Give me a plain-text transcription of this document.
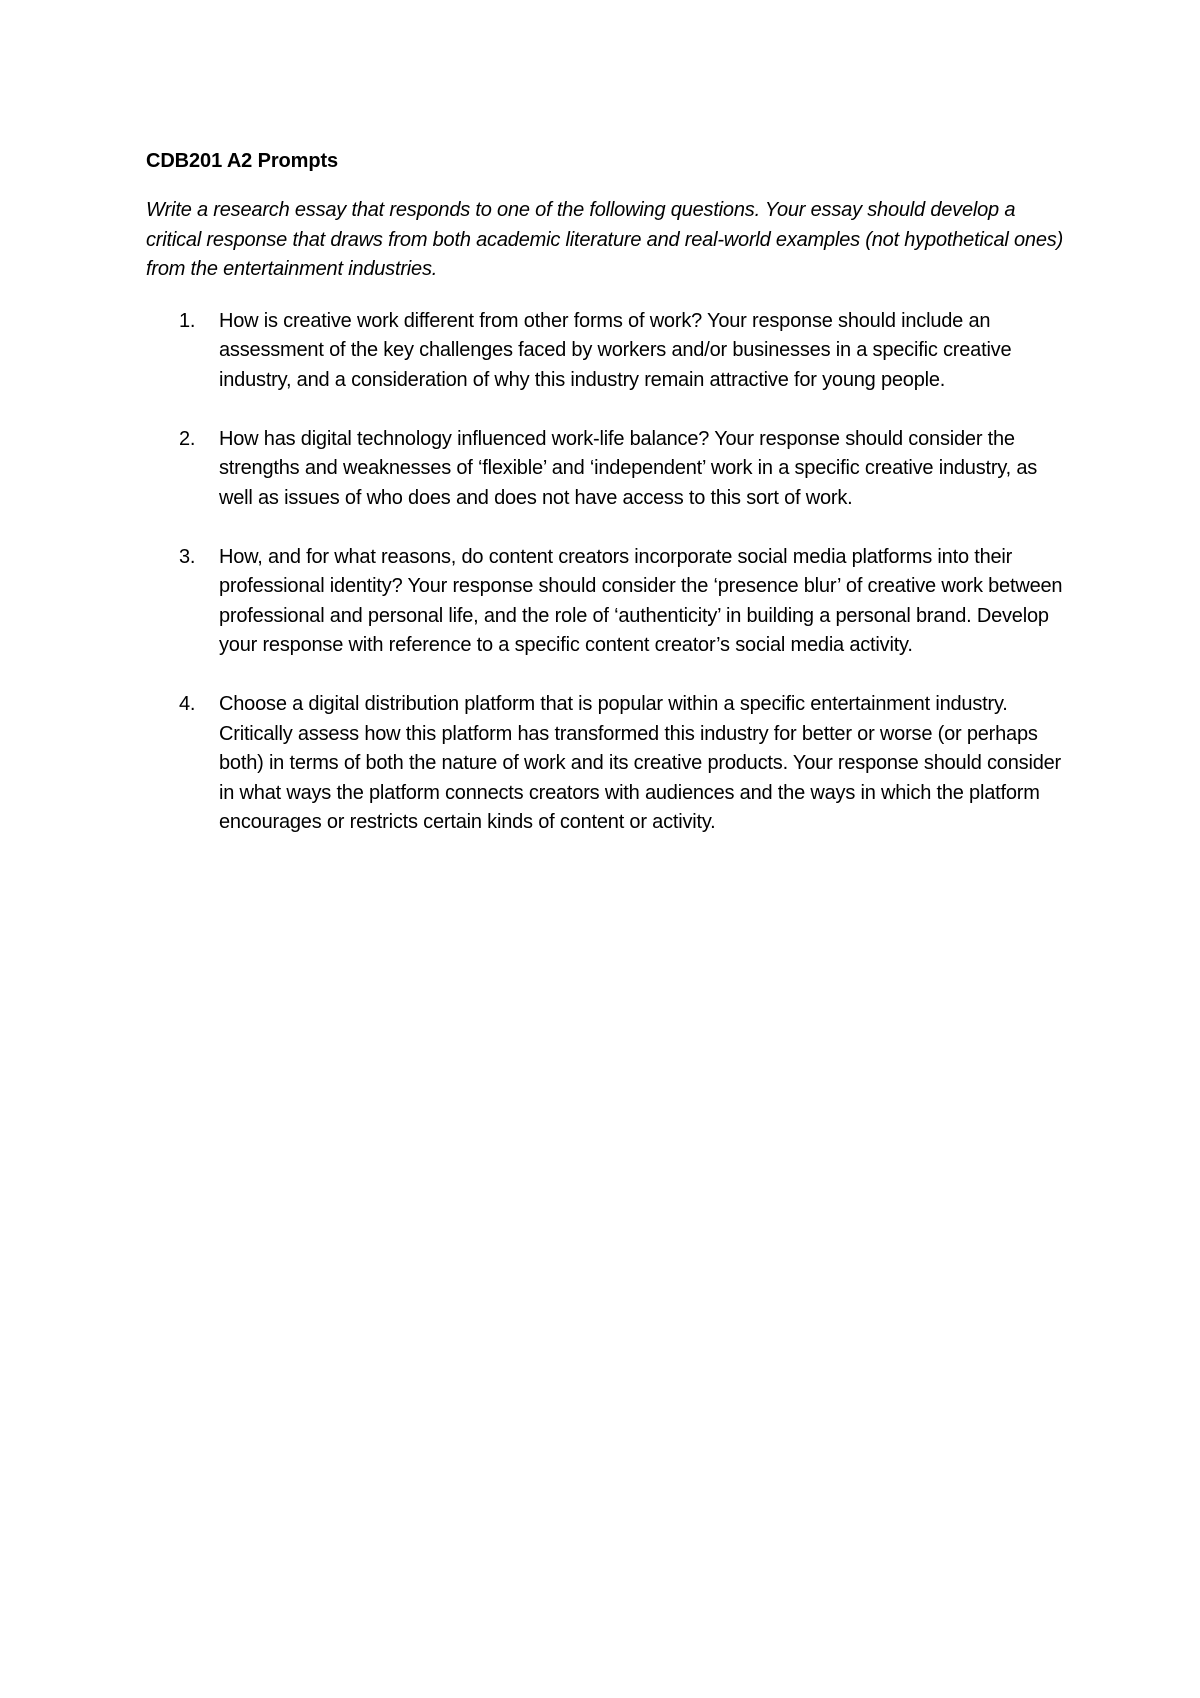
CDB201 A2 Prompts
Write a research essay that responds to one of the following questions. Your essay should develop a critical response that draws from both academic literature and real-world examples (not hypothetical ones) from the entertainment industries.
1. How is creative work different from other forms of work? Your response should include an assessment of the key challenges faced by workers and/or businesses in a specific creative industry, and a consideration of why this industry remain attractive for young people.
2. How has digital technology influenced work-life balance? Your response should consider the strengths and weaknesses of ‘flexible’ and ‘independent’ work in a specific creative industry, as well as issues of who does and does not have access to this sort of work.
3. How, and for what reasons, do content creators incorporate social media platforms into their professional identity? Your response should consider the ‘presence blur’ of creative work between professional and personal life, and the role of ‘authenticity’ in building a personal brand. Develop your response with reference to a specific content creator’s social media activity.
4. Choose a digital distribution platform that is popular within a specific entertainment industry. Critically assess how this platform has transformed this industry for better or worse (or perhaps both) in terms of both the nature of work and its creative products. Your response should consider in what ways the platform connects creators with audiences and the ways in which the platform encourages or restricts certain kinds of content or activity.
